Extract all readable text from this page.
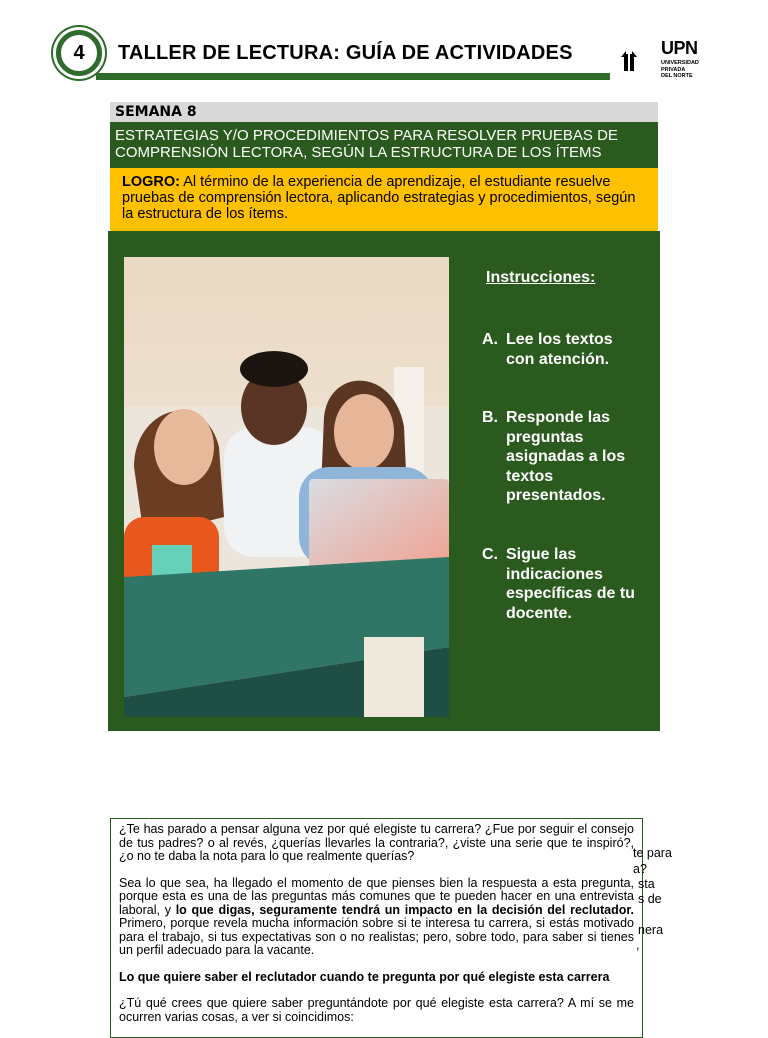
4 TALLER DE LECTURA: GUÍA DE ACTIVIDADES	UPN
UNIVERSIDAD
PRIVADA
DEL NORTE
SEMANA 8
ESTRATEGIAS Y/O PROCEDIMIENTOS PARA RESOLVER PRUEBAS DE COMPRENSIÓN LECTORA, SEGÚN LA ESTRUCTURA DE LOS ÍTEMS
LOGRO: Al término de la experiencia de aprendizaje, el estudiante resuelve pruebas de comprensión lectora, aplicando estrategias y procedimientos, según la estructura de los ítems.
Instrucciones:
A. Lee los textos con atención.
B. Responde las preguntas asignadas a los textos presentados.
C. Sigue las indicaciones específicas de tu docente.

¿Te has parado a pensar alguna vez por qué elegiste tu carrera? ¿Fue por seguir el consejo de tus padres? o al revés, ¿querías llevarles la contraria?, ¿viste una serie que te inspiró?, ¿o no te daba la nota para lo que realmente querías?

Sea lo que sea, ha llegado el momento de que pienses bien la respuesta a esta pregunta, porque esta es una de las preguntas más comunes que te pueden hacer en una entrevista laboral, y lo que digas, seguramente tendrá un impacto en la decisión del reclutador. Primero, porque revela mucha información sobre si te interesa tu carrera, si estás motivado para el trabajo, si tus expectativas son o no realistas; pero, sobre todo, para saber si tienes un perfil adecuado para la vacante.

Lo que quiere saber el reclutador cuando te pregunta por qué elegiste esta carrera

¿Tú qué crees que quiere saber preguntándote por qué elegiste esta carrera? A mí se me ocurren varias cosas, a ver si coincidimos:

te para
a?
sta
s de
nera
,
